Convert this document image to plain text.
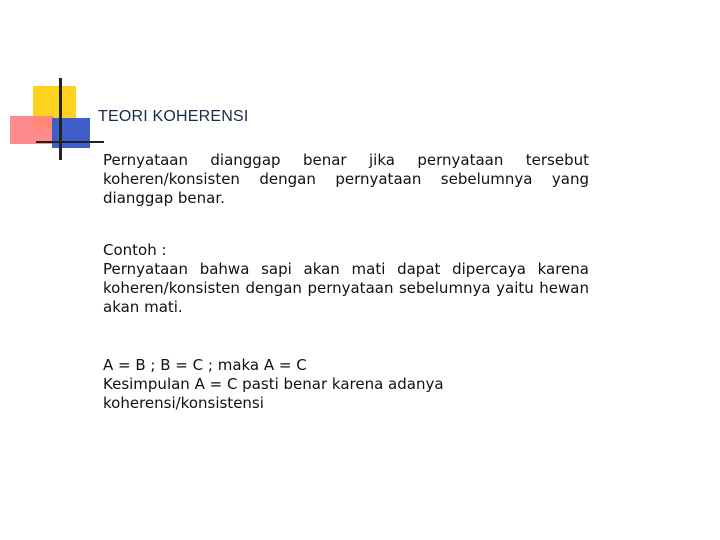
TEORI KOHERENSI
Pernyataan dianggap benar jika pernyataan tersebut koheren/konsisten dengan pernyataan sebelumnya yang dianggap benar.
Contoh :
Pernyataan bahwa sapi akan mati dapat dipercaya karena koheren/konsisten dengan pernyataan sebelumnya yaitu hewan akan mati.
A = B ; B = C ; maka A = C
Kesimpulan A = C pasti benar karena adanya
koherensi/konsistensi
